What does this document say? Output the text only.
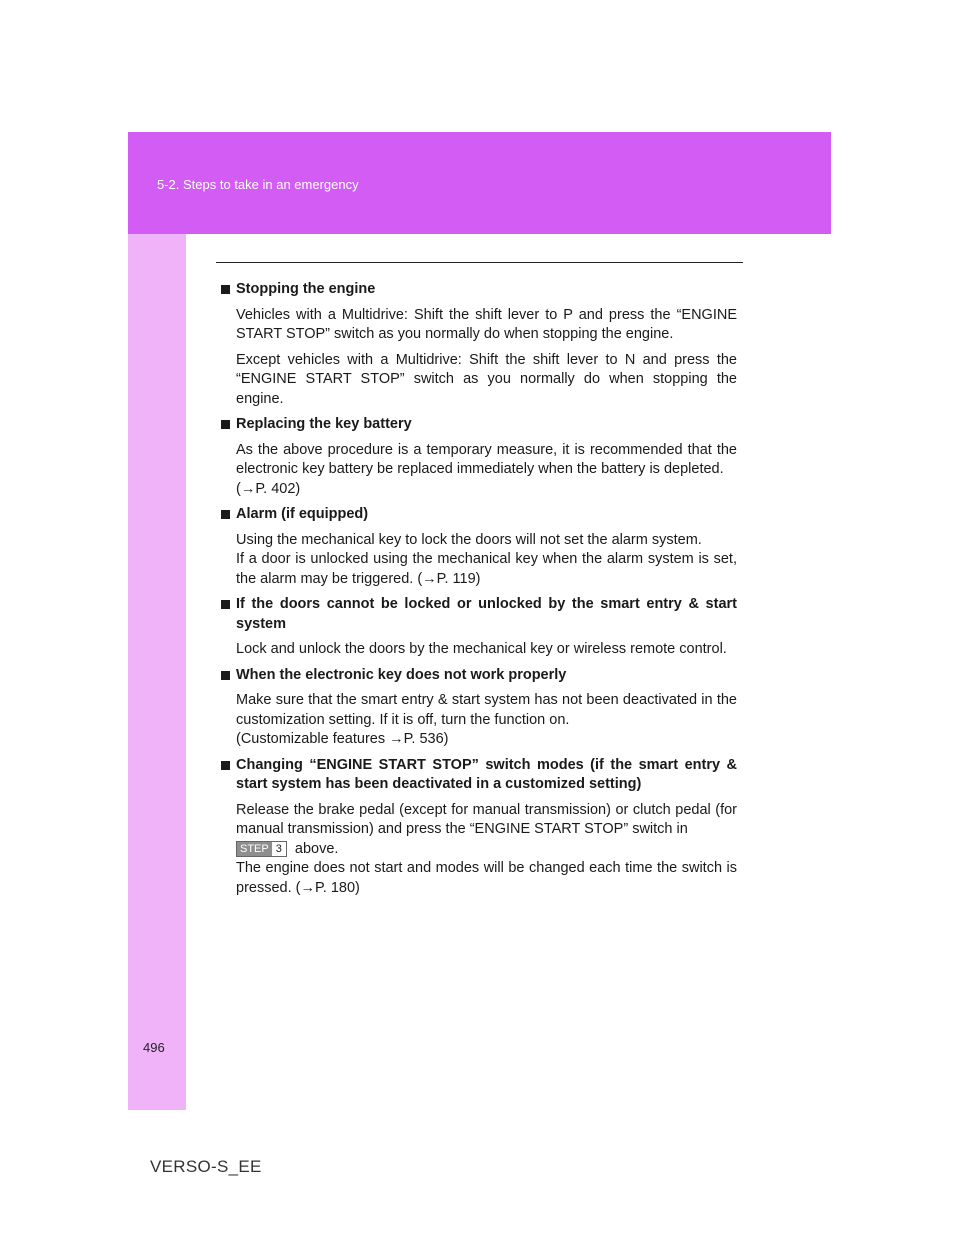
5-2. Steps to take in an emergency
496
VERSO-S_EE
Stopping the engine

Vehicles with a Multidrive: Shift the shift lever to P and press the “ENGINE START STOP” switch as you normally do when stopping the engine.

Except vehicles with a Multidrive: Shift the shift lever to N and press the “ENGINE START STOP” switch as you normally do when stopping the engine.

Replacing the key battery

As the above procedure is a temporary measure, it is recommended that the electronic key battery be replaced immediately when the battery is depleted.

(→P. 402)

Alarm (if equipped)

Using the mechanical key to lock the doors will not set the alarm system.

If a door is unlocked using the mechanical key when the alarm system is set, the alarm may be triggered. (→P. 119)

If the doors cannot be locked or unlocked by the smart entry & start system

Lock and unlock the doors by the mechanical key or wireless remote control.

When the electronic key does not work properly

Make sure that the smart entry & start system has not been deactivated in the customization setting. If it is off, turn the function on.

(Customizable features →P. 536)

Changing “ENGINE START STOP” switch modes (if the smart entry & start system has been deactivated in a customized setting)

Release the brake pedal (except for manual transmission) or clutch pedal (for manual transmission) and press the “ENGINE START STOP” switch in
STEP 3 above.

The engine does not start and modes will be changed each time the switch is pressed. (→P. 180)
